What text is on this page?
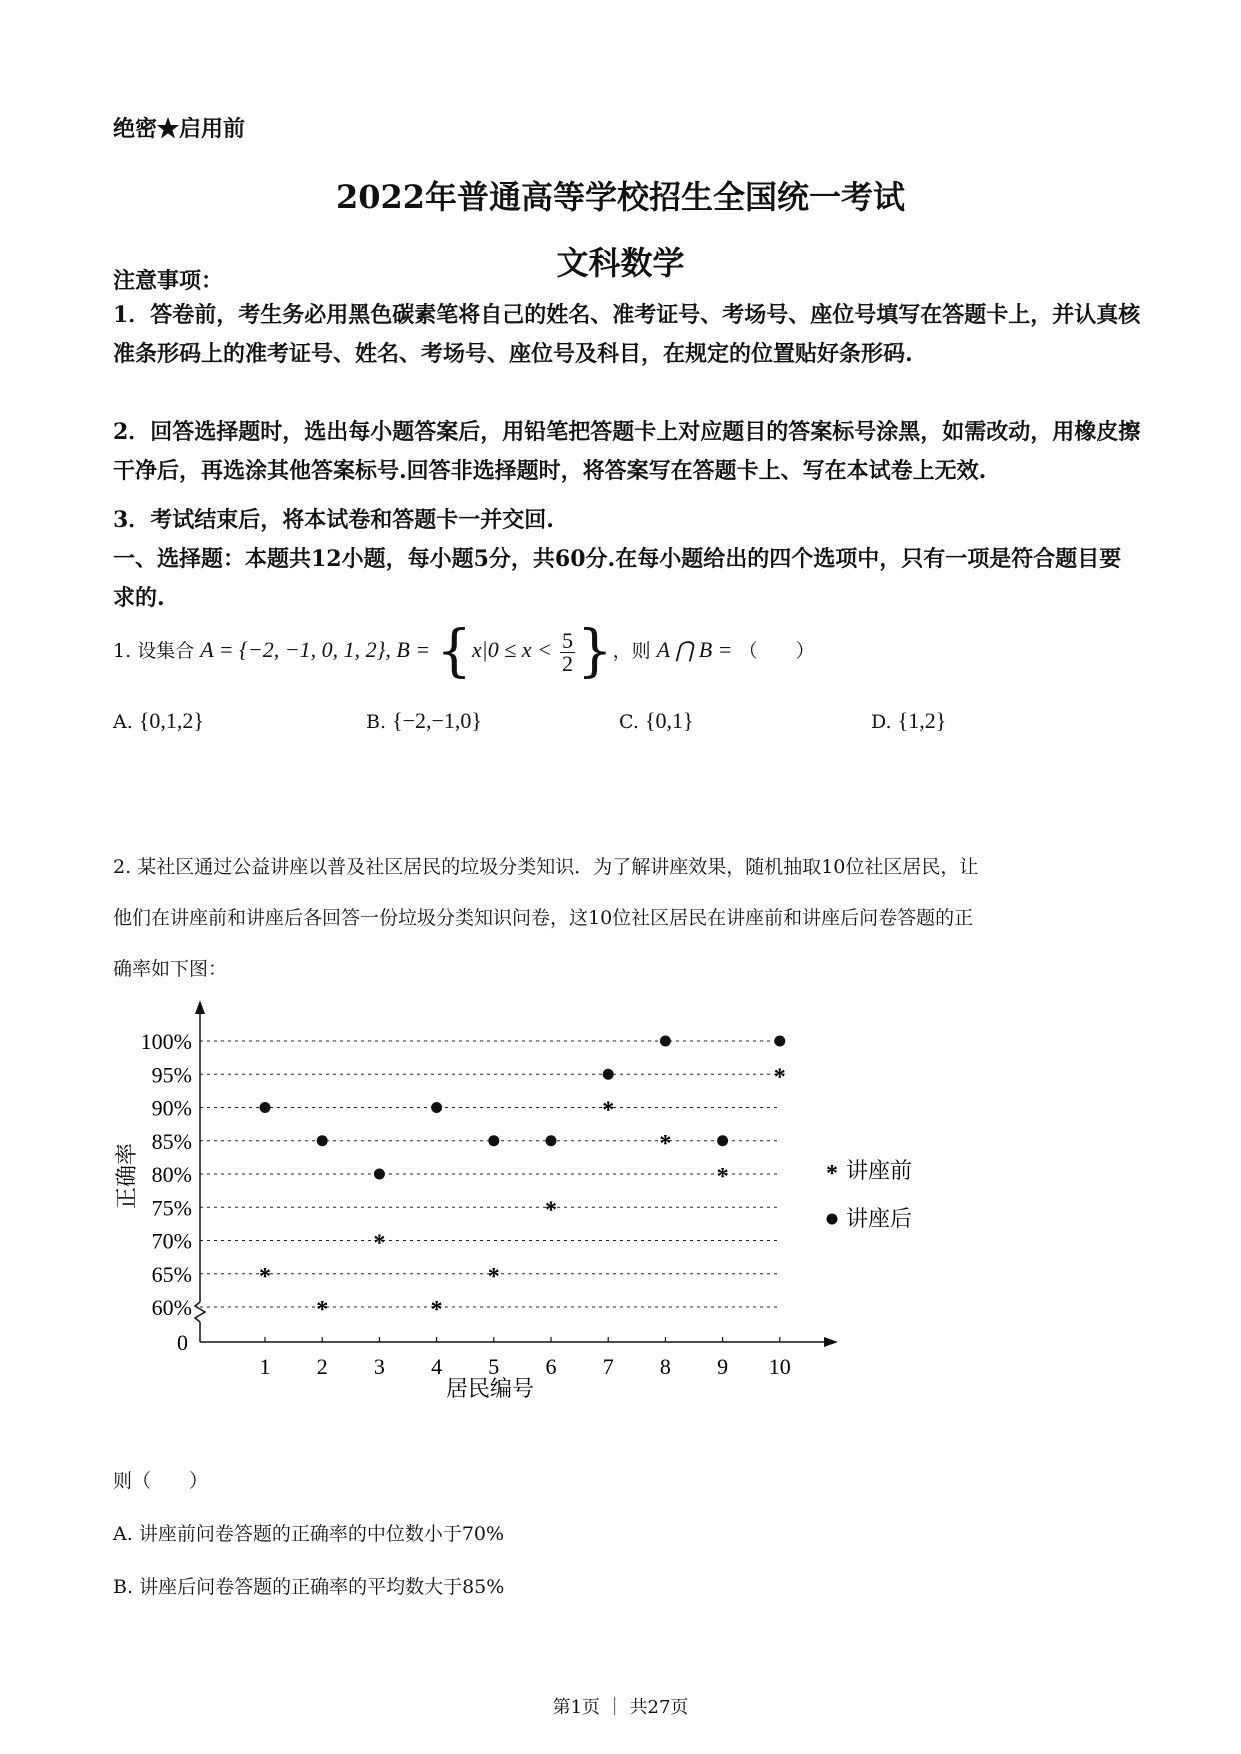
绝密★启用前
2022年普通高等学校招生全国统一考试
文科数学
注意事项：
1．答卷前，考生务必用黑色碳素笔将自己的姓名、准考证号、考场号、座位号填写在答题卡上，并认真核准条形码上的准考证号、姓名、考场号、座位号及科目，在规定的位置贴好条形码.
2．回答选择题时，选出每小题答案后，用铅笔把答题卡上对应题目的答案标号涂黑，如需改动，用橡皮擦干净后，再选涂其他答案标号.回答非选择题时，将答案写在答题卡上、写在本试卷上无效.
3．考试结束后，将本试卷和答题卡一并交回.
一、选择题：本题共12小题，每小题5分，共60分.在每小题给出的四个选项中，只有一项是符合题目要求的.
1. 设集合 A = {−2, −1, 0, 1, 2}, $B = \{x|0 \le x < \frac{5}{2}\}$，则 A ⋂ B = （　　）
A. {0,1,2}	B. {−2,−1,0}	C. {0,1}	D. {1,2}
2. 某社区通过公益讲座以普及社区居民的垃圾分类知识．为了解讲座效果，随机抽取10位社区居民，让
他们在讲座前和讲座后各回答一份垃圾分类知识问卷，这10位社区居民在讲座前和讲座后问卷答题的正
确率如下图：
0
60%
65%
70%
75%
80%
85%
90%
95%
100%
1 2 3 4 5 6 7 8 9 10
居民编号
正确率
*
*
*
*
*
*
*
*
*
*
* 讲座前
讲座后
则（　　）
A. 讲座前问卷答题的正确率的中位数小于70%
B. 讲座后问卷答题的正确率的平均数大于85%
第1页 ｜ 共27页
